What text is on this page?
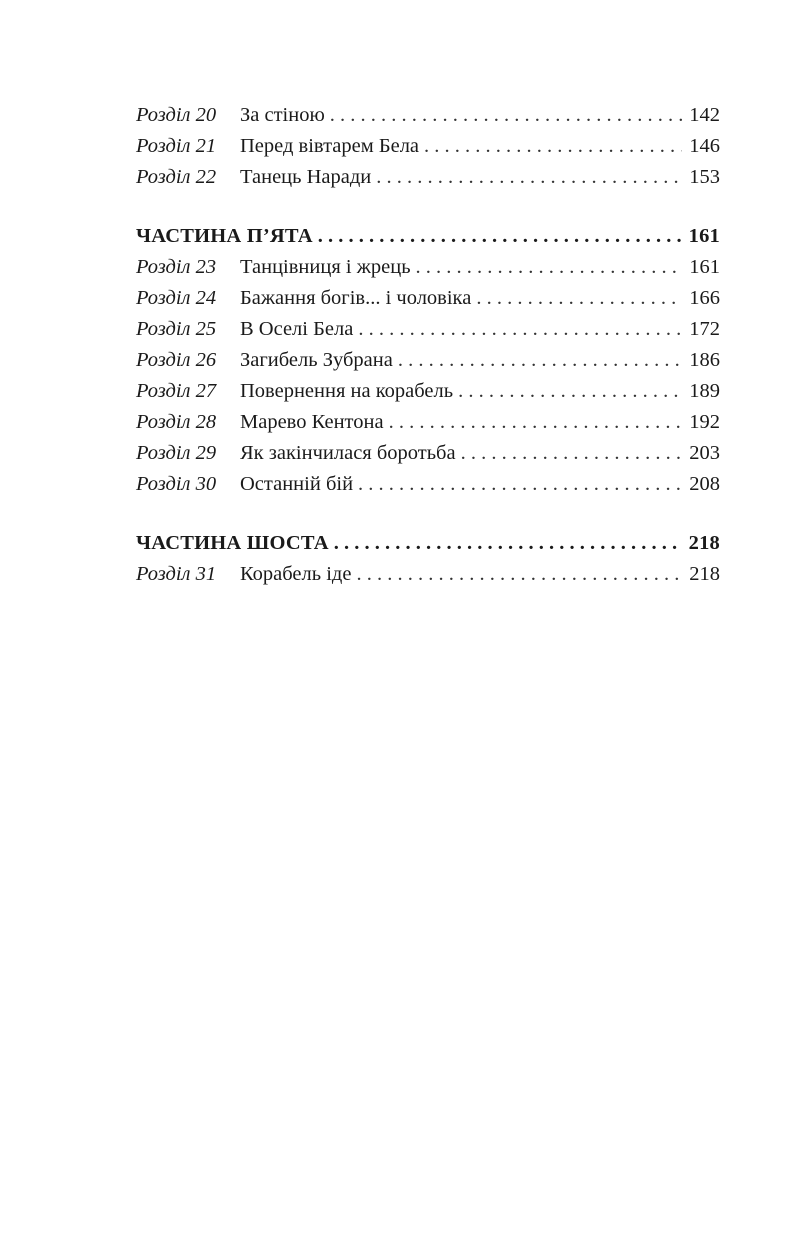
Розділ 20	За стіною . . .	142
Розділ 21	Перед вівтарем Бела . . .	146
Розділ 22	Танець Наради . . .	153
ЧАСТИНА П’ЯТА . . .	161
Розділ 23	Танцівниця і жрець . . .	161
Розділ 24	Бажання богів... і чоловіка . . .	166
Розділ 25	В Оселі Бела . . .	172
Розділ 26	Загибель Зубрана . . .	186
Розділ 27	Повернення на корабель . . .	189
Розділ 28	Марево Кентона . . .	192
Розділ 29	Як закінчилася боротьба . . .	203
Розділ 30	Останній бій . . .	208
ЧАСТИНА ШОСТА . . .	218
Розділ 31	Корабель іде . . .	218
